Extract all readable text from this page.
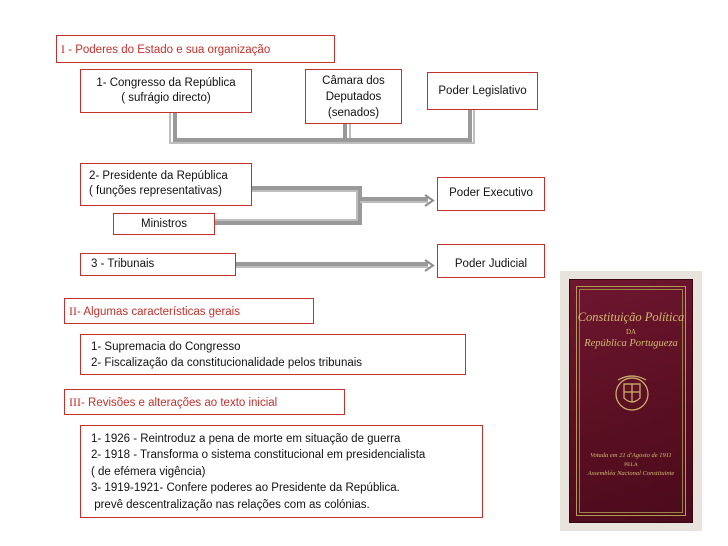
I - Poderes do Estado e sua organização
1- Congresso da República
( sufrágio directo)
Câmara dos
Deputados
(senados)
Poder Legislativo
2- Presidente da República
( funções representativas)	Poder Executivo
Ministros
3 - Tribunais	Poder Judicial
II- Algumas características gerais
1- Supremacia do Congresso
2- Fiscalização da constitucionalidade pelos tribunais
III- Revisões e alterações ao texto inicial
1- 1926 - Reintroduz a pena de morte em situação de guerra
2- 1918 - Transforma o sistema constitucional em presidencialista
( de efémera vigência)
3- 1919-1921- Confere poderes ao Presidente da República.
prevê descentralização nas relações com as colónias.
Constituição Política
DA
República Portugueza
Votada em 21 d'Agosto de 1911
PELA
Assembléa Nacional Constituinte
